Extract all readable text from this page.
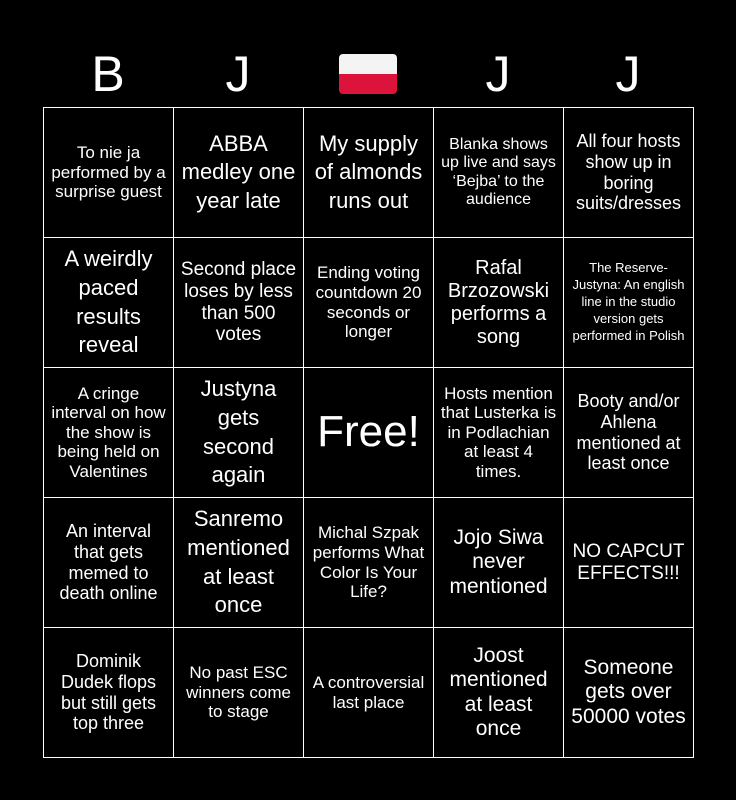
B	J	J	J
To nie ja performed by a surprise guest
ABBA medley one year late
My supply of almonds runs out
Blanka shows up live and says ‘Bejba’ to the audience
All four hosts show up in boring suits/dresses
A weirdly paced results reveal
Second place loses by less than 500 votes
Ending voting countdown 20 seconds or longer
Rafal Brzozowski performs a song
The Reserve-Justyna: An english line in the studio version gets performed in Polish
A cringe interval on how the show is being held on Valentines
Justyna gets second again
Free!
Hosts mention that Lusterka is in Podlachian at least 4 times.
Booty and/or Ahlena mentioned at least once
An interval that gets memed to death online
Sanremo mentioned at least once
Michal Szpak performs What Color Is Your Life?
Jojo Siwa never mentioned
NO CAPCUT EFFECTS!!!
Dominik Dudek flops but still gets top three
No past ESC winners come to stage
A controversial last place
Joost mentioned at least once
Someone gets over 50000 votes
